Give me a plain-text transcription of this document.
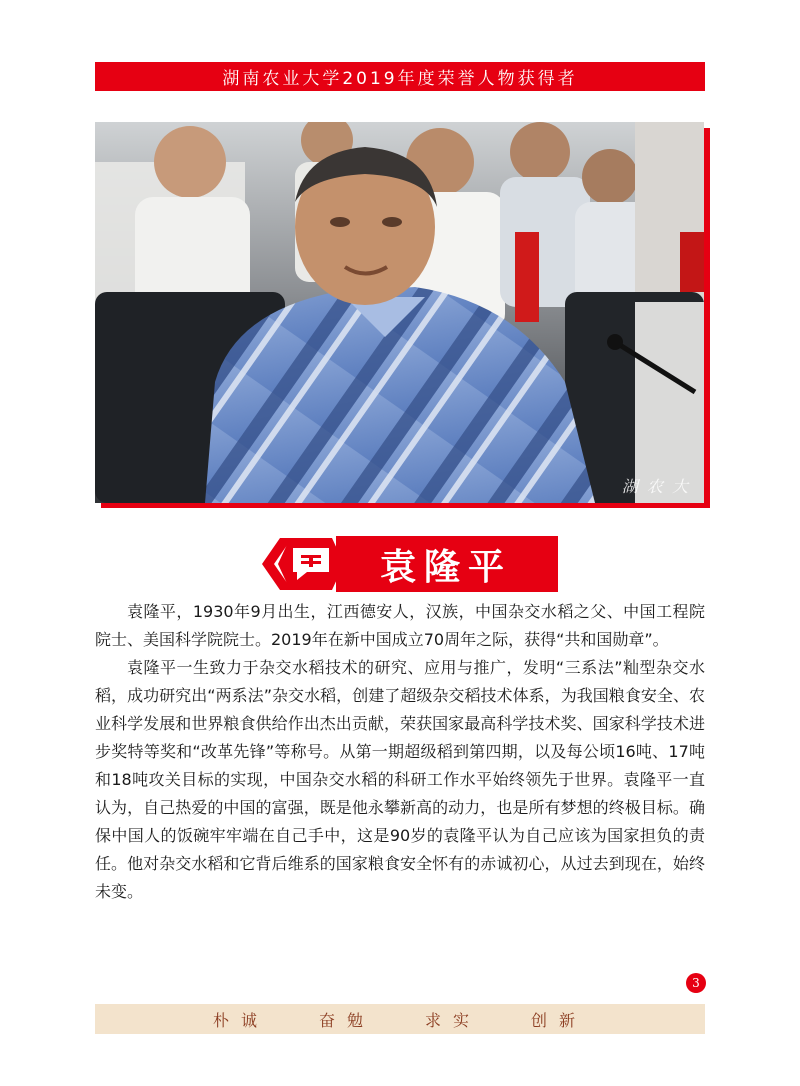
湖南农业大学2019年度荣誉人物获得者
湖 农 大
袁隆平

袁隆平，1930年9月出生，江西德安人，汉族，中国杂交水稻之父、中国工程院院士、美国科学院院士。2019年在新中国成立70周年之际，获得“共和国勋章”。

袁隆平一生致力于杂交水稻技术的研究、应用与推广，发明“三系法”籼型杂交水稻，成功研究出“两系法”杂交水稻，创建了超级杂交稻技术体系，为我国粮食安全、农业科学发展和世界粮食供给作出杰出贡献，荣获国家最高科学技术奖、国家科学技术进步奖特等奖和“改革先锋”等称号。从第一期超级稻到第四期，以及每公顷16吨、17吨和18吨攻关目标的实现，中国杂交水稻的科研工作水平始终领先于世界。袁隆平一直认为，自己热爱的中国的富强，既是他永攀新高的动力，也是所有梦想的终极目标。确保中国人的饭碗牢牢端在自己手中，这是90岁的袁隆平认为自己应该为国家担负的责任。他对杂交水稻和它背后维系的国家粮食安全怀有的赤诚初心，从过去到现在，始终未变。

3
朴诚	奋勉	求实	创新
